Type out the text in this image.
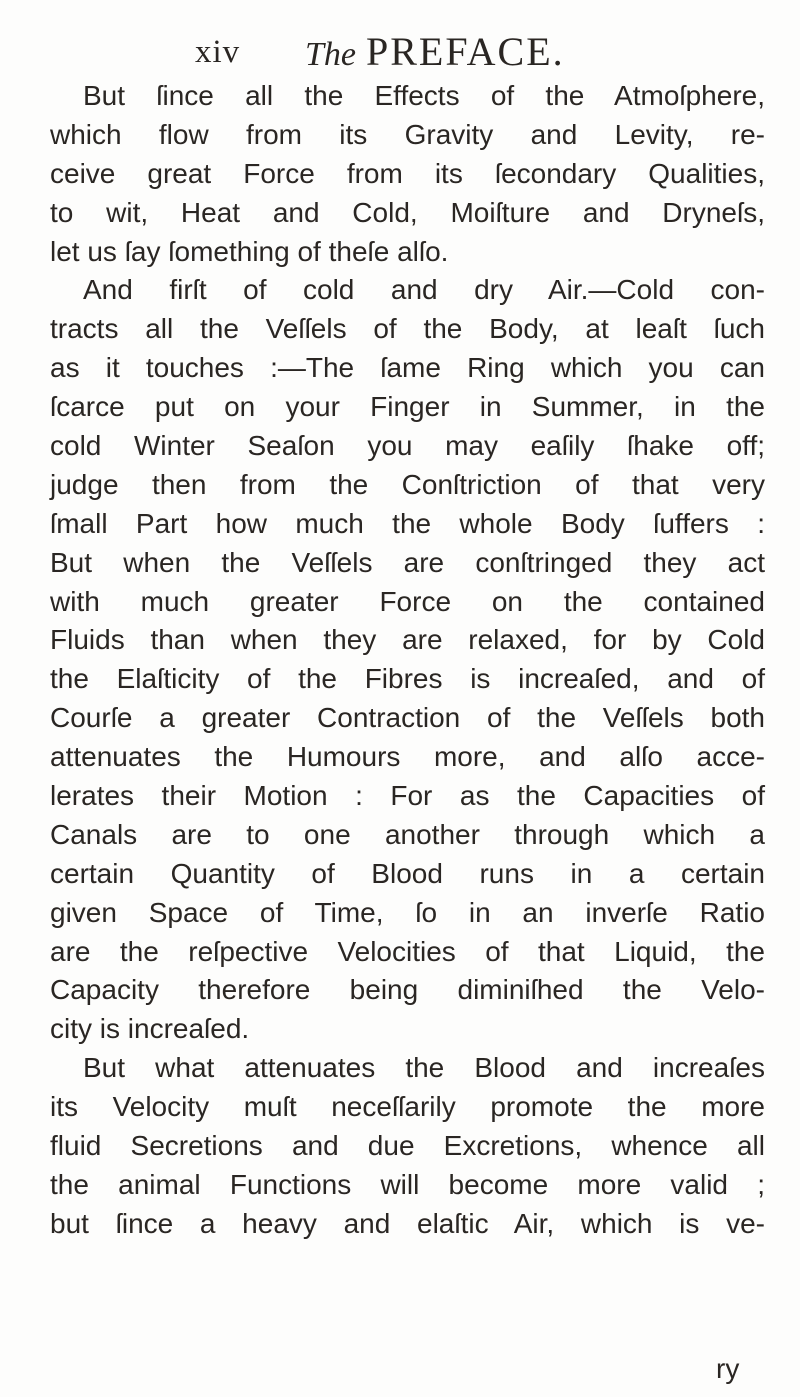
xiv The PREFACE.
But ſince all the Effects of the Atmoſphere,
which flow from its Gravity and Levity, re-
ceive great Force from its ſecondary Qualities,
to wit, Heat and Cold, Moiſture and Dryneſs,
let us ſay ſomething of theſe alſo.
And firſt of cold and dry Air.—Cold con-
tracts all the Veſſels of the Body, at leaſt ſuch
as it touches :—The ſame Ring which you can
ſcarce put on your Finger in Summer, in the
cold Winter Seaſon you may eaſily ſhake off;
judge then from the Conſtriction of that very
ſmall Part how much the whole Body ſuffers :
But when the Veſſels are conſtringed they act
with much greater Force on the contained
Fluids than when they are relaxed, for by Cold
the Elaſticity of the Fibres is increaſed, and of
Courſe a greater Contraction of the Veſſels both
attenuates the Humours more, and alſo acce-
lerates their Motion : For as the Capacities of
Canals are to one another through which a
certain Quantity of Blood runs in a certain
given Space of Time, ſo in an inverſe Ratio
are the reſpective Velocities of that Liquid, the
Capacity therefore being diminiſhed the Velo-
city is increaſed.
But what attenuates the Blood and increaſes
its Velocity muſt neceſſarily promote the more
fluid Secretions and due Excretions, whence all
the animal Functions will become more valid ;
but ſince a heavy and elaſtic Air, which is ve-
ry
